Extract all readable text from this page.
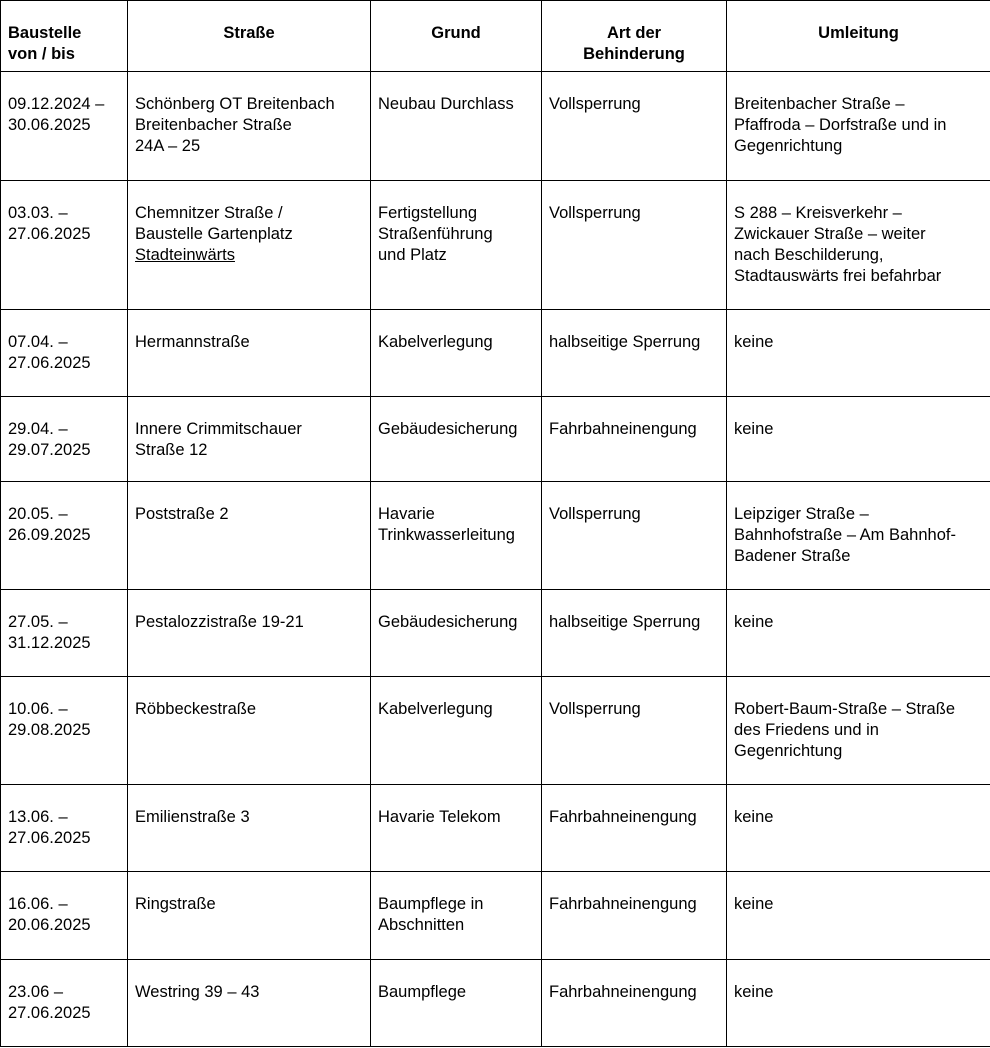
Baustelle
von / bis	Straße	Grund	Art der
Behinderung	Umleitung

09.12.2024 –
30.06.2025	Schönberg OT Breitenbach
Breitenbacher Straße
24A – 25	Neubau Durchlass	Vollsperrung	Breitenbacher Straße –
Pfaffroda – Dorfstraße und in
Gegenrichtung

03.03. –
27.06.2025	Chemnitzer Straße /
Baustelle Gartenplatz
Stadteinwärts	Fertigstellung
Straßenführung
und Platz	Vollsperrung	S 288 – Kreisverkehr –
Zwickauer Straße – weiter
nach Beschilderung,
Stadtauswärts frei befahrbar

07.04. –
27.06.2025	Hermannstraße	Kabelverlegung	halbseitige Sperrung	keine

29.04. –
29.07.2025	Innere Crimmitschauer
Straße 12	Gebäudesicherung	Fahrbahneinengung	keine

20.05. –
26.09.2025	Poststraße 2	Havarie
Trinkwasserleitung	Vollsperrung	Leipziger Straße –
Bahnhofstraße – Am Bahnhof-
Badener Straße

27.05. –
31.12.2025	Pestalozzistraße 19-21	Gebäudesicherung	halbseitige Sperrung	keine

10.06. –
29.08.2025	Röbbeckestraße	Kabelverlegung	Vollsperrung	Robert-Baum-Straße – Straße
des Friedens und in
Gegenrichtung

13.06. –
27.06.2025	Emilienstraße 3	Havarie Telekom	Fahrbahneinengung	keine

16.06. –
20.06.2025	Ringstraße	Baumpflege in
Abschnitten	Fahrbahneinengung	keine

23.06 –
27.06.2025	Westring 39 – 43	Baumpflege	Fahrbahneinengung	keine
